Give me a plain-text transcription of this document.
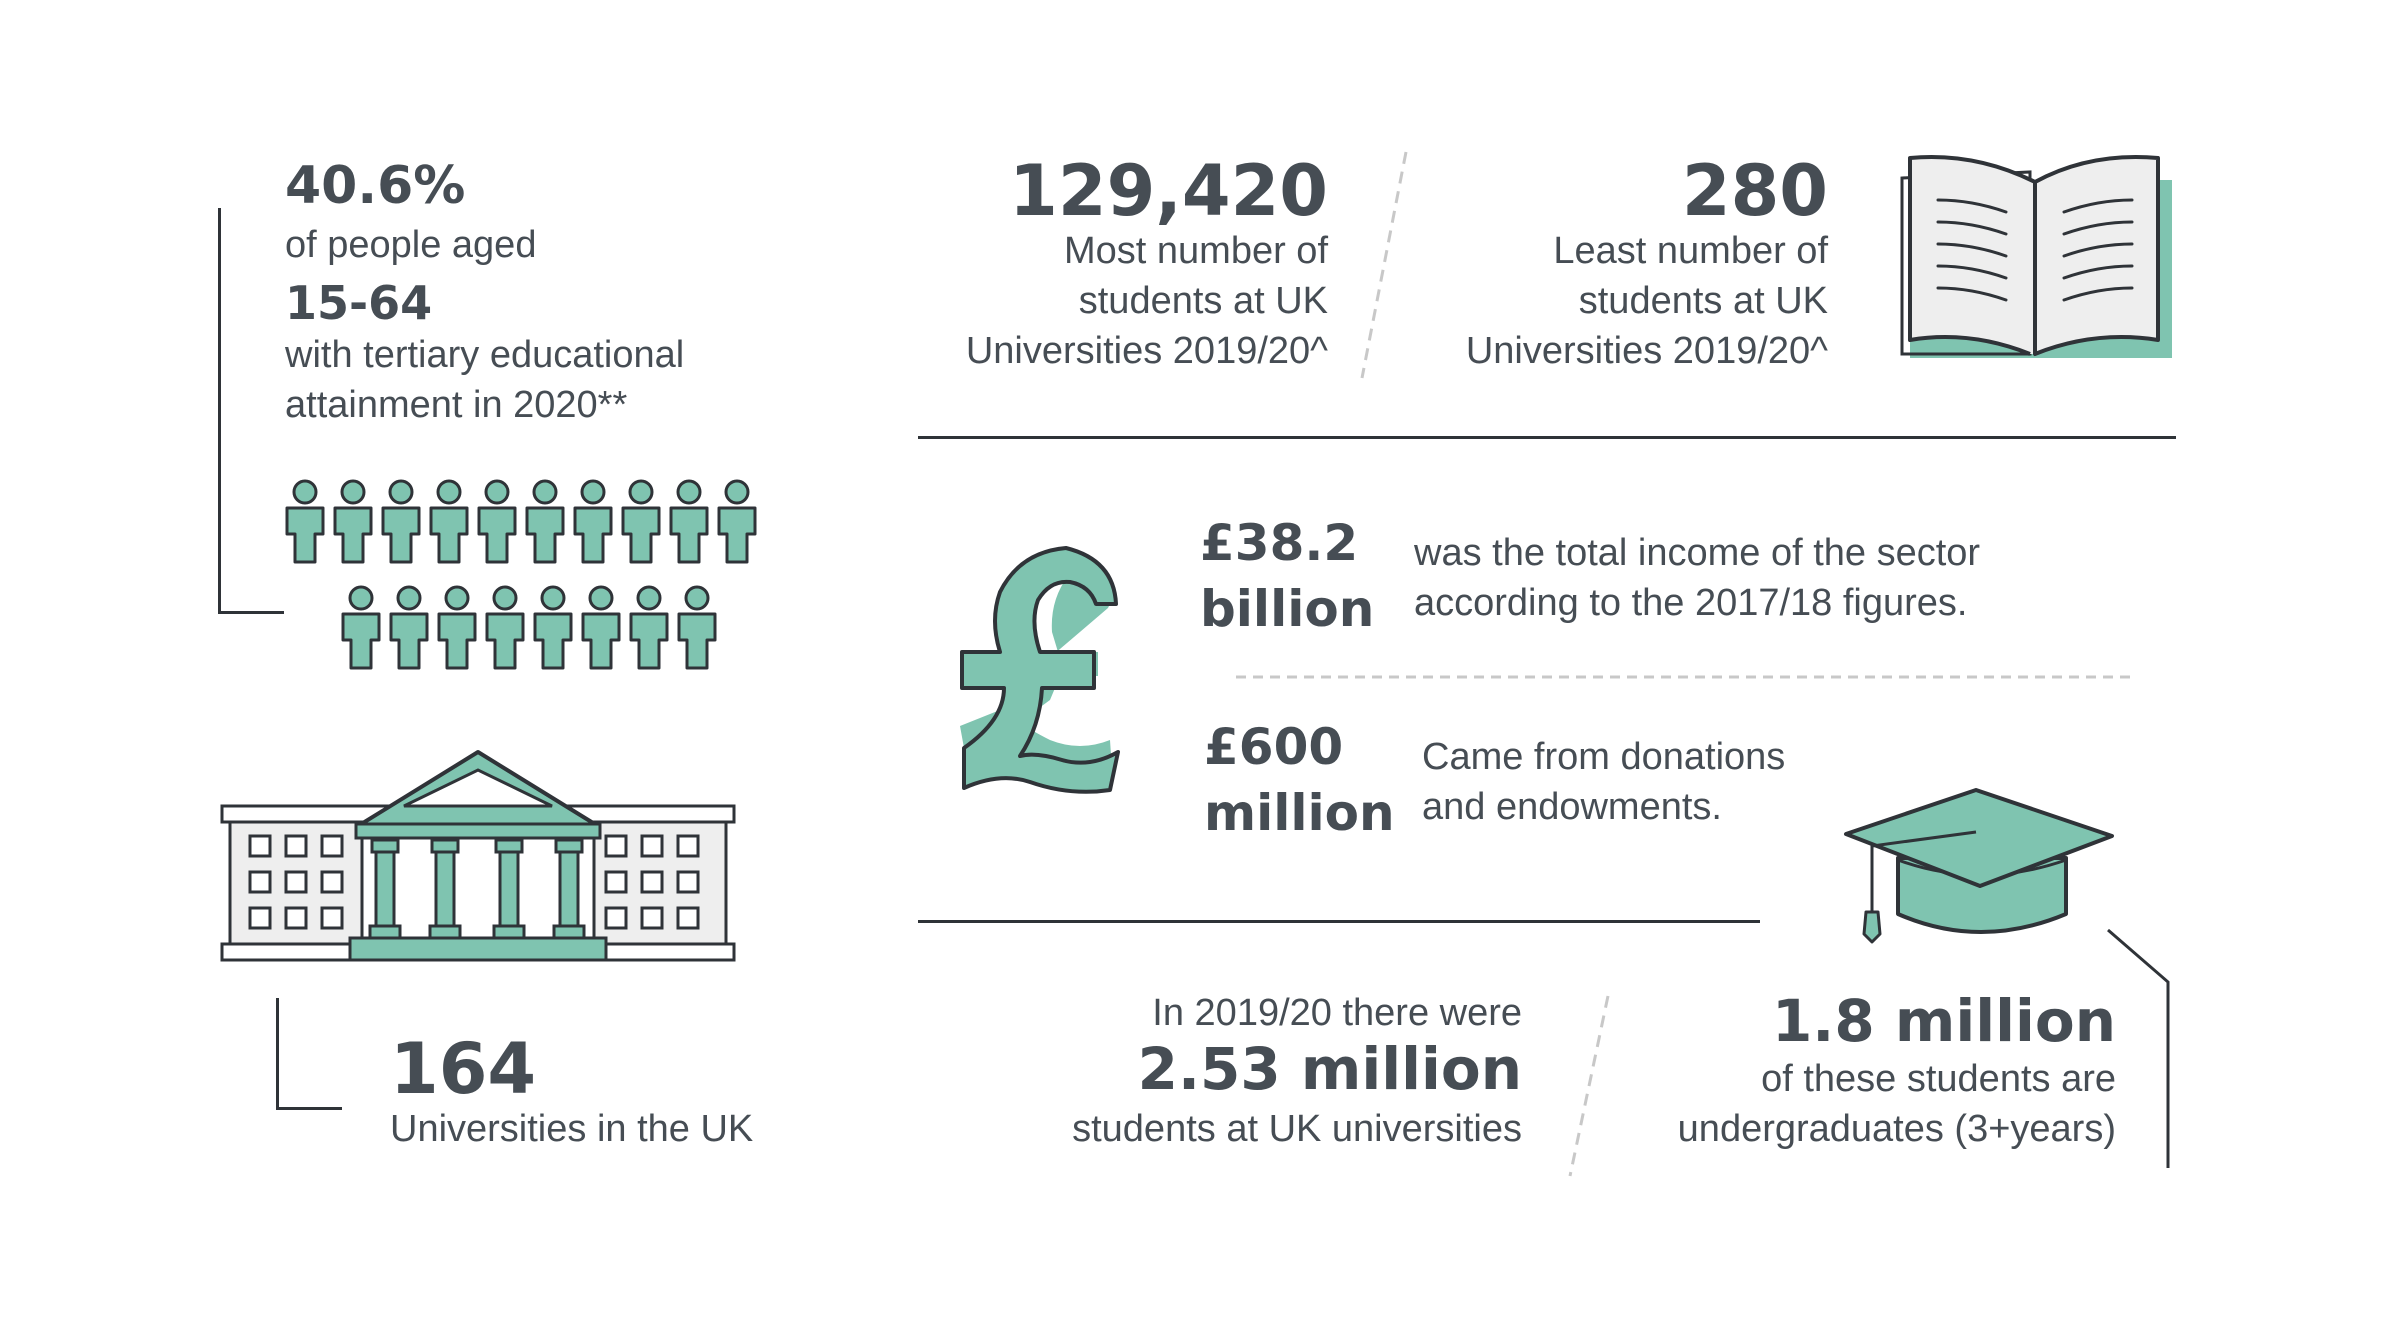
40.6%
of people aged
15-64
with tertiary educational
attainment in 2020**
129,420
Most number of
students at UK
Universities 2019/20^
280
Least number of
students at UK
Universities 2019/20^
£38.2
billion
was the total income of the sector
according to the 2017/18 figures.
£600
million
Came from donations
and endowments.
164
Universities in the UK
In 2019/20 there were
2.53 million
students at UK universities
1.8 million
of these students are
undergraduates (3+years)
